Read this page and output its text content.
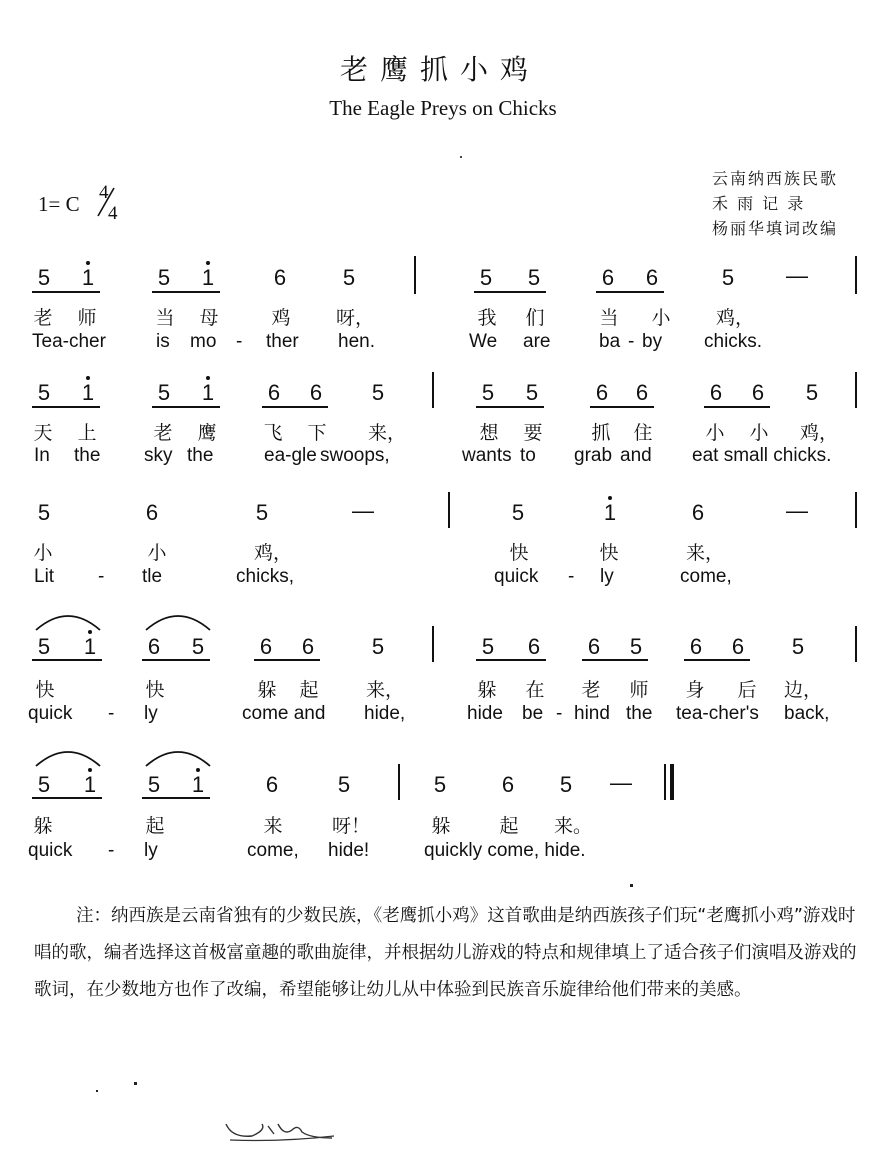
老鹰抓小鸡
The Eagle Preys on Chicks
云南纳西族民歌
禾 雨 记 录
杨丽华填词改编
1= C 4
4
5 1	5 1	6	5	5 5	6 6	5 —
老 师	当 母	鸡 呀，	我 们	当 小 鸡，
Tea-cher	is mo - ther hen.	We are	ba - by chicks.
5 1	5 1 6 6 5	5 5	6 6	6 6 5
天 上	老 鹰 飞 下 来，	想 要	抓 住	小 小 鸡，
In the sky the	ea-gle swoops,	wants to grab and eat small chicks.
5	6	5	—	5	1	6	—
小	小	鸡，	快	快	来，
Lit - tle	chicks,	quick - ly	come,
5 1 6 5	6 6	5	5 6 6 5 6 6 5
快	快	躲 起	来，	躲 在 老 师 身 后 边，
quick - ly	come and hide,	hide be - hind the tea-cher's back,
5 1 5 1	6	5	5	6 5 —
躲	起	来	呀！	躲	起 来。
quick - ly	come, hide!	quickly come, hide.
注：纳西族是云南省独有的少数民族，《老鹰抓小鸡》这首歌曲是纳西族孩子们玩“老鹰抓小鸡”游戏时唱的歌，编者选择这首极富童趣的歌曲旋律，并根据幼儿游戏的特点和规律填上了适合孩子们演唱及游戏的歌词，在少数地方也作了改编，希望能够让幼儿从中体验到民族音乐旋律给他们带来的美感。
